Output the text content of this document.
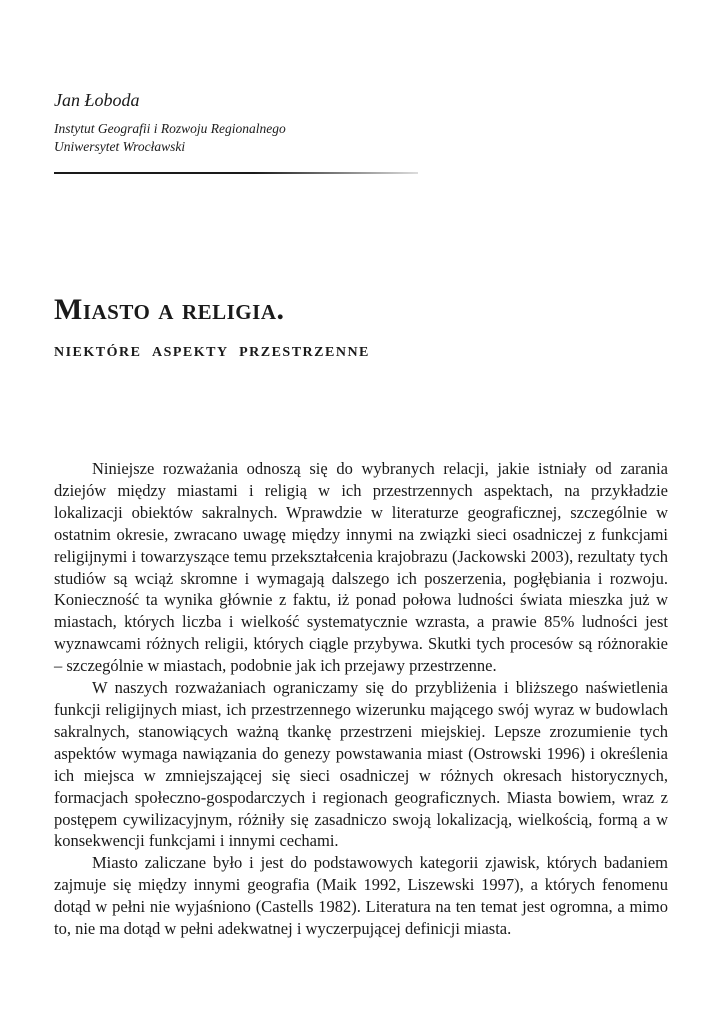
Jan Łoboda

Instytut Geografii i Rozwoju Regionalnego

Uniwersytet Wrocławski

Miasto a religia.
niektóre aspekty przestrzenne

Niniejsze rozważania odnoszą się do wybranych relacji, jakie istniały od zarania dziejów między miastami i religią w ich przestrzennych aspektach, na przykładzie lokalizacji obiektów sakralnych. Wprawdzie w literaturze geograficznej, szczególnie w ostatnim okresie, zwracano uwagę między innymi na związki sieci osadniczej z funkcjami religijnymi i towarzyszące temu przekształcenia krajobrazu (Jackowski 2003), rezultaty tych studiów są wciąż skromne i wymagają dalszego ich poszerzenia, pogłębiania i rozwoju. Konieczność ta wynika głównie z faktu, iż ponad połowa ludności świata mieszka już w miastach, których liczba i wielkość systematycznie wzrasta, a prawie 85% ludności jest wyznawcami różnych religii, których ciągle przybywa. Skutki tych procesów są różnorakie – szczególnie w miastach, podobnie jak ich przejawy przestrzenne.

W naszych rozważaniach ograniczamy się do przybliżenia i bliższego naświetlenia funkcji religijnych miast, ich przestrzennego wizerunku mającego swój wyraz w budowlach sakralnych, stanowiących ważną tkankę przestrzeni miejskiej. Lepsze zrozumienie tych aspektów wymaga nawiązania do genezy powstawania miast (Ostrowski 1996) i określenia ich miejsca w zmniejszającej się sieci osadniczej w różnych okresach historycznych, formacjach społeczno-gospodarczych i regionach geograficznych. Miasta bowiem, wraz z postępem cywilizacyjnym, różniły się zasadniczo swoją lokalizacją, wielkością, formą a w konsekwencji funkcjami i innymi cechami.

Miasto zaliczane było i jest do podstawowych kategorii zjawisk, których badaniem zajmuje się między innymi geografia (Maik 1992, Liszewski 1997), a których fenomenu dotąd w pełni nie wyjaśniono (Castells 1982). Literatura na ten temat jest ogromna, a mimo to, nie ma dotąd w pełni adekwatnej i wyczerpującej definicji miasta.
